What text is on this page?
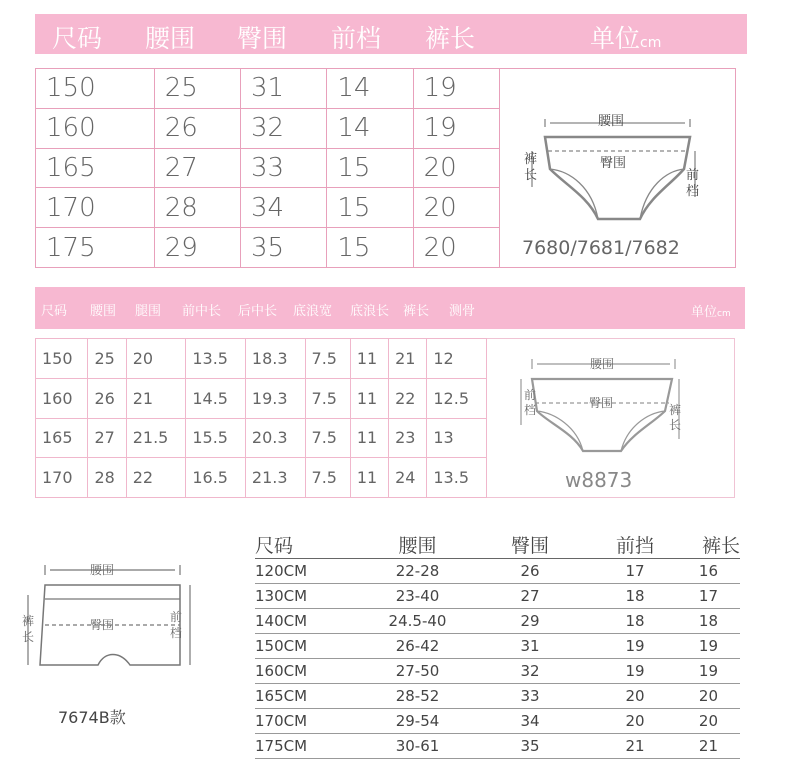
尺码 腰围 臀围 前档 裤长	单位cm
150	25	31	14	19
160	26	32	14	19
165	27	33	15	20
170	28	34	15	20
175	29	35	15	20
腰围
臀围
裤
长	前
档
7680/7681/7682
尺码 腰围 腿围 前中长 后中长 底浪宽 底浪长 裤长 测骨	单位cm
150	25	20	13.5	18.3	7.5	11	21	12
160	26	21	14.5	19.3	7.5	11	22	12.5
165	27	21.5	15.5	20.3	7.5	11	23	13
170	28	22	16.5	21.3	7.5	11	24	13.5
腰围
臀围
前
档	裤
长
w8873
腰围
臀围
裤
长
前
档
7674B款
尺码	腰围	臀围	前挡	裤长
120CM	22-28	26	17	16
130CM	23-40	27	18	17
140CM	24.5-40	29	18	18
150CM	26-42	31	19	19
160CM	27-50	32	19	19
165CM	28-52	33	20	20
170CM	29-54	34	20	20
175CM	30-61	35	21	21
